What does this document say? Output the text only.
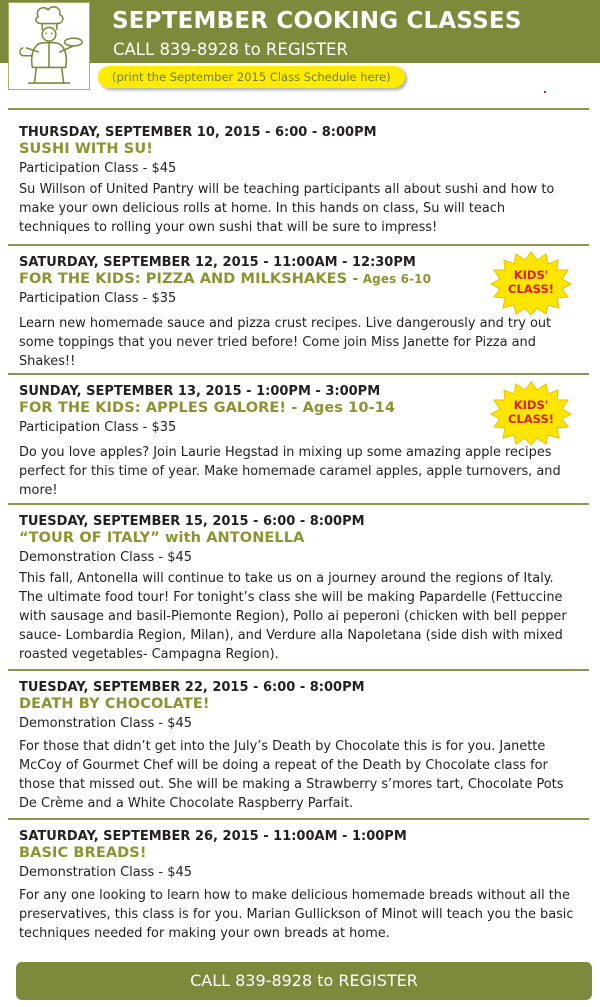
SEPTEMBER COOKING CLASSES
CALL 839-8928 to REGISTER
(print the September 2015 Class Schedule here)
THURSDAY, SEPTEMBER 10, 2015 - 6:00 - 8:00PM
SUSHI WITH SU!
Participation Class - $45
Su Willson of United Pantry will be teaching participants all about sushi and how to make your own delicious rolls at home. In this hands on class, Su will teach techniques to rolling your own sushi that will be sure to impress!
SATURDAY, SEPTEMBER 12, 2015 - 11:00AM - 12:30PM
FOR THE KIDS: PIZZA AND MILKSHAKES - Ages 6-10
Participation Class - $35
Learn new homemade sauce and pizza crust recipes. Live dangerously and try out some toppings that you never tried before! Come join Miss Janette for Pizza and Shakes!!
KIDS'
CLASS!
SUNDAY, SEPTEMBER 13, 2015 - 1:00PM - 3:00PM
FOR THE KIDS: APPLES GALORE! - Ages 10-14
Participation Class - $35
Do you love apples? Join Laurie Hegstad in mixing up some amazing apple recipes perfect for this time of year. Make homemade caramel apples, apple turnovers, and more!
KIDS'
CLASS!
TUESDAY, SEPTEMBER 15, 2015 - 6:00 - 8:00PM
“TOUR OF ITALY” with ANTONELLA
Demonstration Class - $45
This fall, Antonella will continue to take us on a journey around the regions of Italy. The ultimate food tour! For tonight’s class she will be making Papardelle (Fettuccine with sausage and basil-Piemonte Region), Pollo ai peperoni (chicken with bell pepper sauce- Lombardia Region, Milan), and Verdure alla Napoletana (side dish with mixed roasted vegetables- Campagna Region).
TUESDAY, SEPTEMBER 22, 2015 - 6:00 - 8:00PM
DEATH BY CHOCOLATE!
Demonstration Class - $45
For those that didn’t get into the July’s Death by Chocolate this is for you. Janette McCoy of Gourmet Chef will be doing a repeat of the Death by Chocolate class for those that missed out. She will be making a Strawberry s’mores tart, Chocolate Pots De Crème and a White Chocolate Raspberry Parfait.
SATURDAY, SEPTEMBER 26, 2015 - 11:00AM - 1:00PM
BASIC BREADS!
Demonstration Class - $45
For any one looking to learn how to make delicious homemade breads without all the preservatives, this class is for you. Marian Gullickson of Minot will teach you the basic techniques needed for making your own breads at home.
CALL 839-8928 to REGISTER
